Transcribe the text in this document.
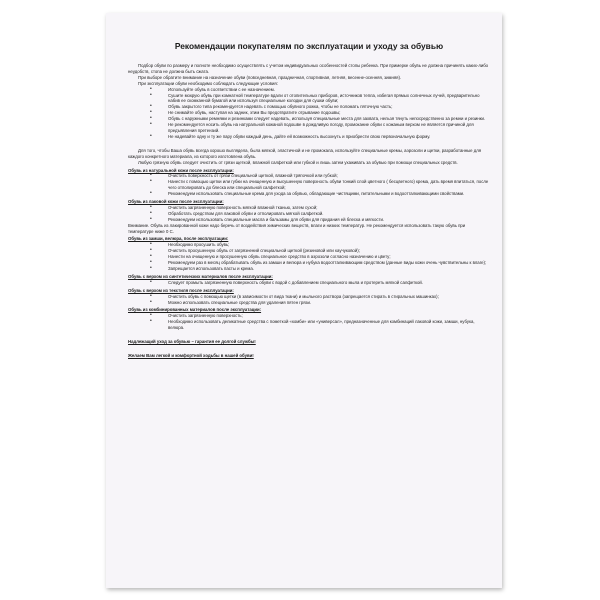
Рекомендации покупателям по эксплуатации и уходу за обувью

Подбор обуви по размеру и полноте необходимо осуществлять с учетом индивидуальных особенностей стопы ребенка. При примерке обувь не должна причинять каких-либо неудобств, стопа не должна быть сжата.

При выборе обратите внимание на назначение обуви (повседневная, праздничная, спортивная, летняя, весенне-осенняя, зимняя).

При эксплуатации обуви необходимо соблюдать следующие условия:

• Используйте обувь в соответствии с ее назначением.
• Сушите мокрую обувь при комнатной температуре вдали от отопительных приборов, источников тепла, избегая прямых солнечных лучей, предварительно набив ее скомканной бумагой или используя специальные колодки для сушки обуви;
• Обувь закрытого типа рекомендуется надевать с помощью обувного рожка, чтобы не поломать пяточную часть;
• Не снимайте обувь, наступая на задник, этим Вы предотвратите отрывание подошвы;
• Обувь с наружными ремнями и резинками следует надевать, используя специальные места для захвата, нельзя тянуть непосредственно за ремни и резинки.
• Не рекомендуется носить обувь на натуральной кожаной подошве в дождливую погоду, промокание обуви с кожаным верхом не является причиной для предъявления претензий.
• Не надевайте одну и ту же пару обуви каждый день, дайте ей возможность высохнуть и приобрести свою первоначальную форму.

Для того, чтобы Ваша обувь всегда хорошо выглядела, была мягкой, эластичной и не промокала, используйте специальные кремы, аэрозоли и щетки, разработанные для каждого конкретного материала, из которого изготовлена обувь.

Любую грязную обувь следует очистить от грязи щеткой, влажной салфеткой или губкой и лишь затем ухаживать за обувью при помощи специальных средств.

Обувь из натуральной кожи после эксплуатации:

• Очистить поверхность от грязи специальной щеткой, влажной тряпочкой или губкой;
• Нанести с помощью щетки или губки на очищенную и высушенную поверхность обуви тонкий слой цветного ( бесцветного) крема, дать время впитаться, после чего отполировать до блеска или специальной салфеткой;
• Рекомендуем использовать специальные крема для ухода за обувью, обладающие чистящими, питательными и водоотталкивающими свойствами.

Обувь из лаковой кожи после эксплуатации:

• Очистить загрязненную поверхность мягкой влажной тканью, затем сухой;
• Обработать средством для лаковой обуви и отполировать мягкой салфеткой.
• Рекомендуем использовать специальные масла и бальзамы для обуви для придания ей блеска и мягкости.

Внимание. Обувь из лакированной кожи надо беречь от воздействия химических веществ, влаги и низких температур. Не рекомендуется использовать такую обувь при температуре ниже 0 С.

Обувь из замши, велюра, после эксплуатации:

• Необходимо просушить обувь;
• Очистить просушенную обувь от загрязнений специальной щеткой (резиновой или каучуковой);
• Нанести на очищенную и просушенную обувь специальное средство в аэрозоли согласно назначению и цвету;
• Рекомендуем раз в месяц обрабатывать обувь из замши и велюра и нубука водоотталкивающим средством (данные виды кожи очень чувствительны к влаге);
• Запрещается использовать пасты и крема.

Обувь с верхом из синтетических материалов после эксплуатации:

• Следует промыть загрязненную поверхность обуви с водой с добавлением специального мыла и протереть мягкой салфеткой.

Обувь с верхом из текстиля после эксплуатации:

• Очистить обувь с помощью щетки (в зависимости от вида ткани) и мыльного раствора (запрещается стирать в стиральных машинках);
• Можно использовать специальные средства для удаления пятен грязи.

Обувь из комбинированных материалов после эксплуатации:

• Очистить загрязненную поверхность;
• Необходимо использовать деликатные средства с пометкой «комби» или «универсал», предназначенные для комбинаций лаковой кожи, замши, нубука, велюра.

Надлежащий уход за обувью – гарантия ее долгой службы!

Желаем Вам легкой и комфортной ходьбы в нашей обуви!
